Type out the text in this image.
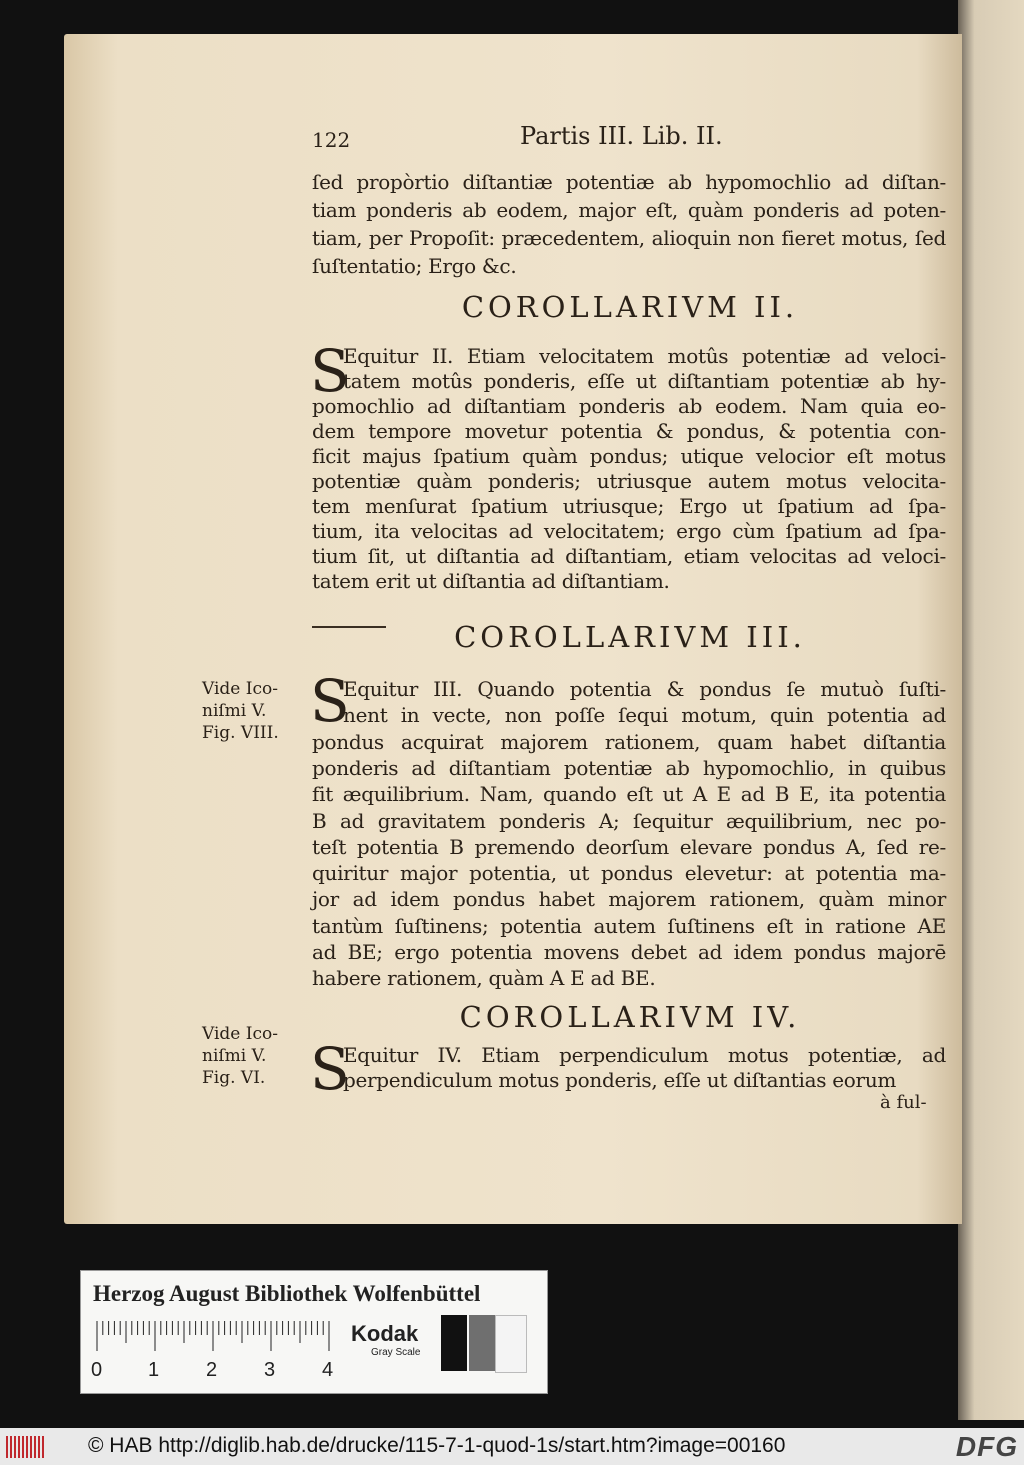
122	Partis III. Lib. II.
ſed propòrtio diſtantiæ potentiæ ab hypomochlio ad diſtan-
tiam ponderis ab eodem, major eſt, quàm ponderis ad poten-
tiam, per Propoſit: præcedentem, alioquin non fieret motus, ſed
ſuſtentatio; Ergo &c.
COROLLARIVM II.
S
Equitur II. Etiam velocitatem motûs potentiæ ad veloci-
tatem motûs ponderis, eſſe ut diſtantiam potentiæ ab hy-
pomochlio ad diſtantiam ponderis ab eodem. Nam quia eo-
dem tempore movetur potentia & pondus, & potentia con-
ficit majus ſpatium quàm pondus; utique velocior eſt motus
potentiæ quàm ponderis; utriusque autem motus velocita-
tem menſurat ſpatium utriusque; Ergo ut ſpatium ad ſpa-
tium, ita velocitas ad velocitatem; ergo cùm ſpatium ad ſpa-
tium ſit, ut diſtantia ad diſtantiam, etiam velocitas ad veloci-
tatem erit ut diſtantia ad diſtantiam.
COROLLARIVM III.
Vide Ico-
niſmi V.
Fig. VIII. S
Equitur III. Quando potentia & pondus ſe mutuò ſuſti-
nent in vecte, non poſſe ſequi motum, quin potentia ad
pondus acquirat majorem rationem, quam habet diſtantia
ponderis ad diſtantiam potentiæ ab hypomochlio, in quibus
fit æquilibrium. Nam, quando eſt ut A E ad B E, ita potentia
B ad gravitatem ponderis A; ſequitur æquilibrium, nec po-
teſt potentia B premendo deorſum elevare pondus A, ſed re-
quiritur major potentia, ut pondus elevetur: at potentia ma-
jor ad idem pondus habet majorem rationem, quàm minor
tantùm ſuſtinens; potentia autem ſuſtinens eſt in ratione AE
ad BE; ergo potentia movens debet ad idem pondus majorē
habere rationem, quàm A E ad BE.
COROLLARIVM IV.
Vide Ico-
niſmi V.
Fig. VI. S
Equitur IV. Etiam perpendiculum motus potentiæ, ad
perpendiculum motus ponderis, eſſe ut diſtantias eorum
à ful-
Herzog August Bibliothek Wolfenbüttel
0 1 2 3 4
Kodak
Gray Scale
© HAB http://diglib.hab.de/drucke/115-7-1-quod-1s/start.htm?image=00160	DFG
